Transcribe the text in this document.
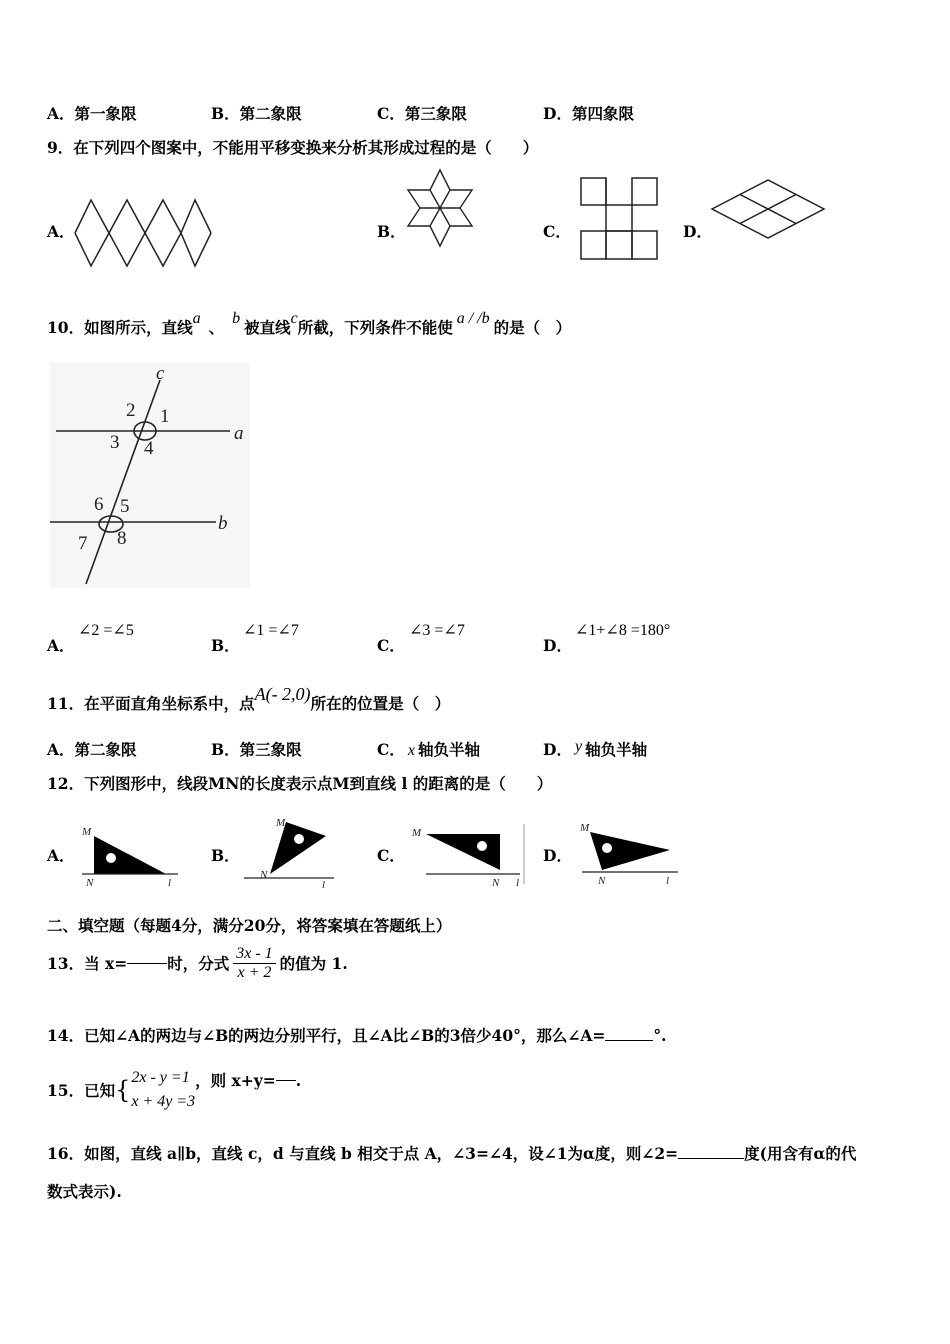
A．第一象限	B．第二象限	C．第三象限	D．第四象限
9．在下列四个图案中，不能用平移变换来分析其形成过程的是（　　）
A．	B．	C．	D．
10．如图所示，直线a 、 b 被直线c所截，下列条件不能使 a / /b 的是（　）
c
a
b
2 1
3 4
6 5
7 8
A．
∠2 =∠5
B．
∠1 =∠7
C．
∠3 =∠7
D．
∠1+∠8 =180°
11．在平面直角坐标系中，点A(- 2,0)所在的位置是（　）
A．第二象限	B．第三象限	C． x 轴负半轴	D． y 轴负半轴
12．下列图形中，线段MN的长度表示点M到直线 l 的距离的是（　　）
A．
M
N	l
B．
M
N
l
C．
M
N l
D．
M
N	l
二、填空题（每题4分，满分20分，将答案填在答题纸上）
13．当 x=	时，分式 $\frac{3x - 1}{x + 2}$ 的值为 1.
14．已知∠A的两边与∠B的两边分别平行，且∠A比∠B的3倍少40°，那么∠A=	°.
15．已知 { 2x - y =1
x + 4y =3
，则 x+y= .
16．如图，直线 a∥b，直线 c，d 与直线 b 相交于点 A，∠3=∠4，设∠1为α度，则∠2=	度(用含有α的代
数式表示).
